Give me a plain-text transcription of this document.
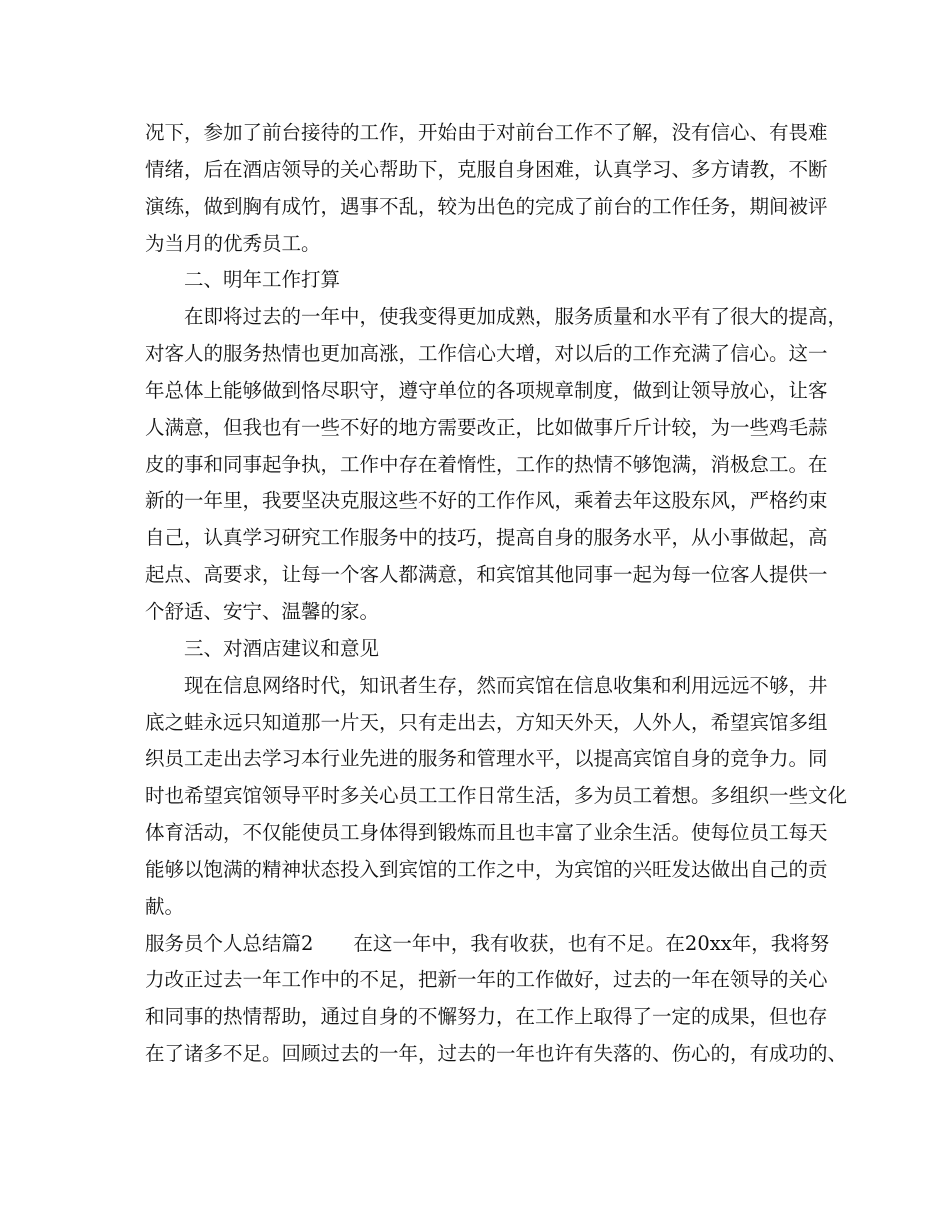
况下，参加了前台接待的工作，开始由于对前台工作不了解，没有信心、有畏难
情绪，后在酒店领导的关心帮助下，克服自身困难，认真学习、多方请教，不断
演练，做到胸有成竹，遇事不乱，较为出色的完成了前台的工作任务，期间被评
为当月的优秀员工。
二、明年工作打算
在即将过去的一年中，使我变得更加成熟，服务质量和水平有了很大的提高，
对客人的服务热情也更加高涨，工作信心大增，对以后的工作充满了信心。这一
年总体上能够做到恪尽职守，遵守单位的各项规章制度，做到让领导放心，让客
人满意，但我也有一些不好的地方需要改正，比如做事斤斤计较，为一些鸡毛蒜
皮的事和同事起争执，工作中存在着惰性，工作的热情不够饱满，消极怠工。在
新的一年里，我要坚决克服这些不好的工作作风，乘着去年这股东风，严格约束
自己，认真学习研究工作服务中的技巧，提高自身的服务水平，从小事做起，高
起点、高要求，让每一个客人都满意，和宾馆其他同事一起为每一位客人提供一
个舒适、安宁、温馨的家。
三、对酒店建议和意见
现在信息网络时代，知讯者生存，然而宾馆在信息收集和利用远远不够，井
底之蛙永远只知道那一片天，只有走出去，方知天外天，人外人，希望宾馆多组
织员工走出去学习本行业先进的服务和管理水平，以提高宾馆自身的竞争力。同
时也希望宾馆领导平时多关心员工工作日常生活，多为员工着想。多组织一些文化
体育活动，不仅能使员工身体得到锻炼而且也丰富了业余生活。使每位员工每天
能够以饱满的精神状态投入到宾馆的工作之中，为宾馆的兴旺发达做出自己的贡
献。
服务员个人总结篇2 在这一年中，我有收获，也有不足。在20xx年，我将努
力改正过去一年工作中的不足，把新一年的工作做好，过去的一年在领导的关心
和同事的热情帮助，通过自身的不懈努力，在工作上取得了一定的成果，但也存
在了诸多不足。回顾过去的一年，过去的一年也许有失落的、伤心的，有成功的、
